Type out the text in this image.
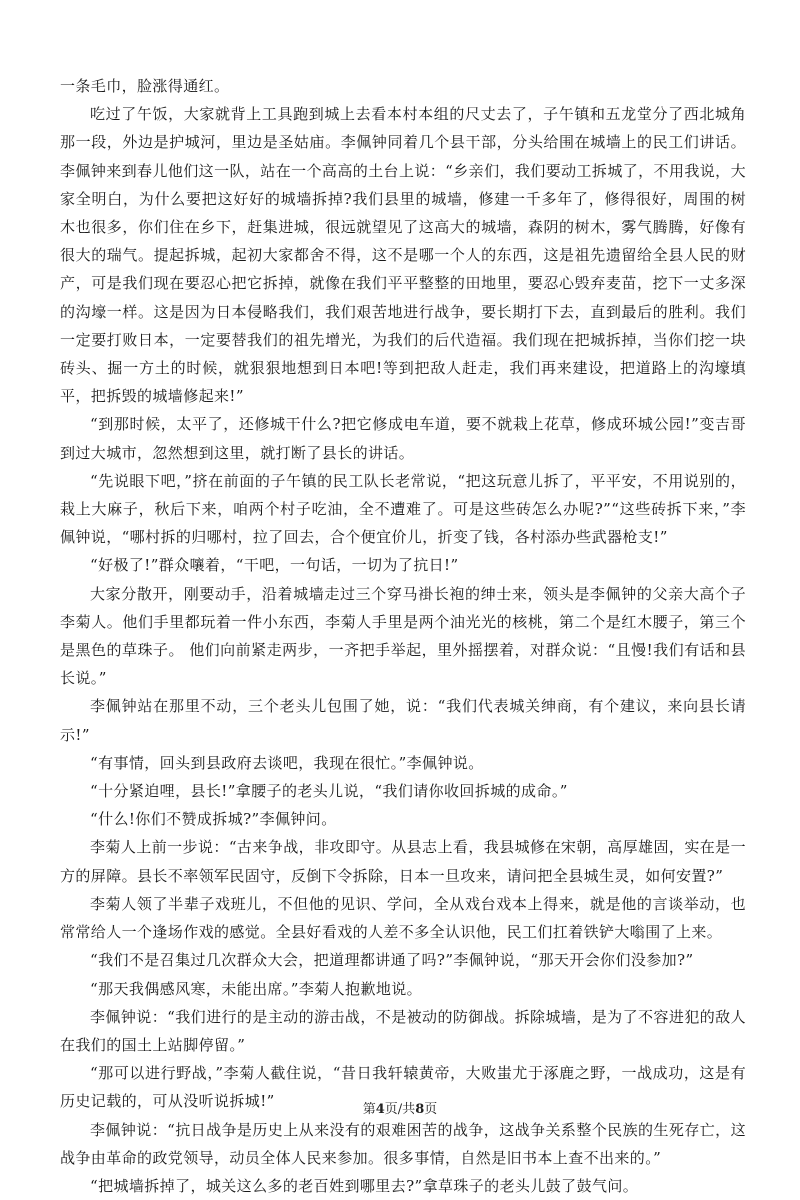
一条毛巾，脸涨得通红。

吃过了午饭，大家就背上工具跑到城上去看本村本组的尺丈去了，子午镇和五龙堂分了西北城角那一段，外边是护城河，里边是圣姑庙。李佩钟同着几个县干部，分头给围在城墙上的民工们讲话。李佩钟来到春儿他们这一队，站在一个高高的土台上说：“乡亲们，我们要动工拆城了，不用我说，大家全明白，为什么要把这好好的城墙拆掉?我们县里的城墙，修建一千多年了，修得很好，周围的树木也很多，你们住在乡下，赶集进城，很远就望见了这高大的城墙，森阴的树木，雾气腾腾，好像有很大的瑞气。提起拆城，起初大家都舍不得，这不是哪一个人的东西，这是祖先遗留给全县人民的财产，可是我们现在要忍心把它拆掉，就像在我们平平整整的田地里，要忍心毁弃麦苗，挖下一丈多深的沟壕一样。这是因为日本侵略我们，我们艰苦地进行战争，要长期打下去，直到最后的胜利。我们一定要打败日本，一定要替我们的祖先增光，为我们的后代造福。我们现在把城拆掉，当你们挖一块砖头、掘一方土的时候，就狠狠地想到日本吧!等到把敌人赶走，我们再来建设，把道路上的沟壕填平，把拆毁的城墙修起来!”

“到那时候，太平了，还修城干什么?把它修成电车道，要不就栽上花草，修成环城公园!”变吉哥到过大城市，忽然想到这里，就打断了县长的讲话。

“先说眼下吧，”挤在前面的子午镇的民工队长老常说，“把这玩意儿拆了，平平安，不用说别的，栽上大麻子，秋后下来，咱两个村子吃油，全不遭难了。可是这些砖怎么办呢?”“这些砖拆下来，”李佩钟说，“哪村拆的归哪村，拉了回去，合个便宜价儿，折变了钱，各村添办些武器枪支!”

“好极了!”群众嚷着，“干吧，一句话，一切为了抗日!”

大家分散开，刚要动手，沿着城墙走过三个穿马褂长袍的绅士来，领头是李佩钟的父亲大高个子李菊人。他们手里都玩着一件小东西，李菊人手里是两个油光光的核桃，第二个是红木腰子，第三个是黑色的草珠子。 他们向前紧走两步，一齐把手举起，里外摇摆着，对群众说：“且慢!我们有话和县长说。”

李佩钟站在那里不动，三个老头儿包围了她，说：“我们代表城关绅商，有个建议，来向县长请示!”

“有事情，回头到县政府去谈吧，我现在很忙。”李佩钟说。

“十分紧迫哩，县长!”拿腰子的老头儿说，“我们请你收回拆城的成命。”

“什么!你们不赞成拆城?”李佩钟问。

李菊人上前一步说：“古来争战，非攻即守。从县志上看，我县城修在宋朝，高厚雄固，实在是一方的屏障。县长不率领军民固守，反倒下令拆除，日本一旦攻来，请问把全县城生灵，如何安置?”

李菊人领了半辈子戏班儿，不但他的见识、学问，全从戏台戏本上得来，就是他的言谈举动，也常常给人一个逢场作戏的感觉。全县好看戏的人差不多全认识他，民工们扛着铁铲大嗡围了上来。

“我们不是召集过几次群众大会，把道理都讲通了吗?”李佩钟说，“那天开会你们没参加?”

“那天我偶感风寒，未能出席。”李菊人抱歉地说。

李佩钟说：“我们进行的是主动的游击战，不是被动的防御战。拆除城墙，是为了不容进犯的敌人在我们的国土上站脚停留。”

“那可以进行野战，”李菊人截住说，“昔日我轩辕黄帝，大败蚩尤于涿鹿之野，一战成功，这是有历史记载的，可从没听说拆城!”

李佩钟说：“抗日战争是历史上从来没有的艰难困苦的战争，这战争关系整个民族的生死存亡，这战争由革命的政党领导，动员全体人民来参加。很多事情，自然是旧书本上查不出来的。”

“把城墙拆掉了，城关这么多的老百姓到哪里去?”拿草珠子的老头儿鼓了鼓气问。

第4页/共8页
